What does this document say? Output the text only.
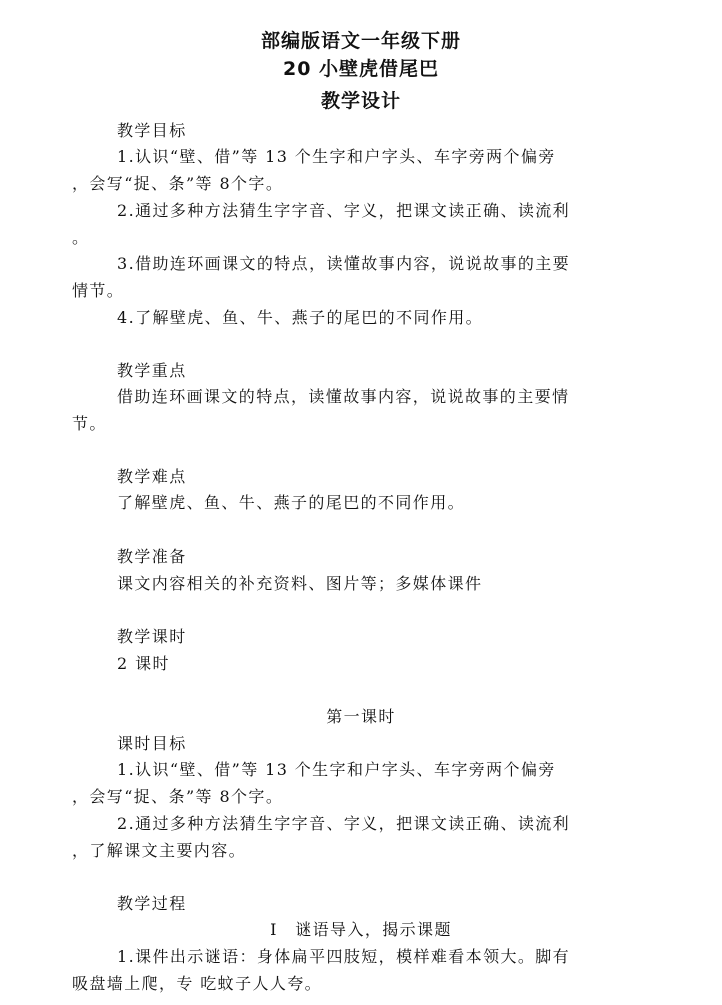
部编版语文一年级下册
20 小壁虎借尾巴
教学设计
教学目标
1.认识“壁、借”等 13 个生字和户字头、车字旁两个偏旁
，会写“捉、条”等 8个字。
2.通过多种方法猜生字字音、字义，把课文读正确、读流利
。
3.借助连环画课文的特点，读懂故事内容，说说故事的主要
情节。
4.了解壁虎、鱼、牛、燕子的尾巴的不同作用。
教学重点
借助连环画课文的特点，读懂故事内容，说说故事的主要情
节。
教学难点
了解壁虎、鱼、牛、燕子的尾巴的不同作用。
教学准备
课文内容相关的补充资料、图片等；多媒体课件
教学课时
2 课时
第一课时
课时目标
1.认识“壁、借”等 13 个生字和户字头、车字旁两个偏旁
，会写“捉、条”等 8个字。
2.通过多种方法猜生字字音、字义，把课文读正确、读流利
，了解课文主要内容。
教学过程
Ⅰ　谜语导入，揭示课题
1.课件出示谜语：身体扁平四肢短，模样难看本领大。脚有
吸盘墙上爬，专 吃蚊子人人夸。
